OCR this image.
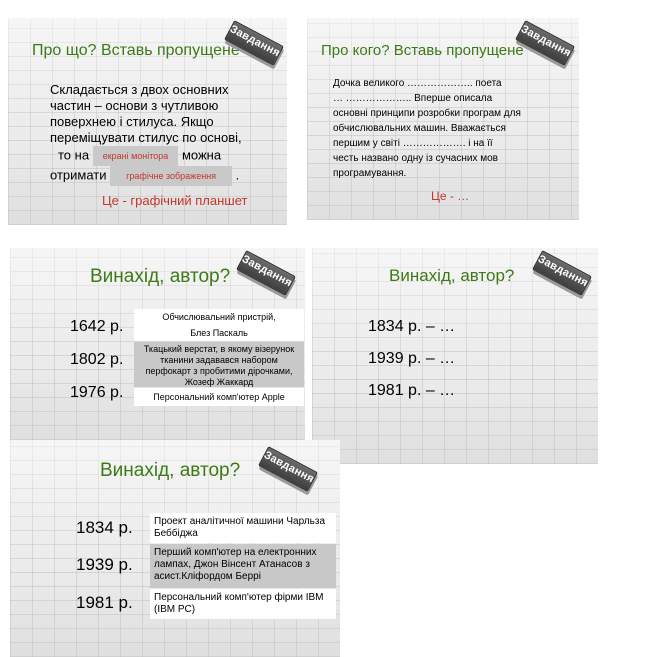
Про що? Вставь пропущене
Завдання
Складається з двох основних
частин – основи з чутливою
поверхнею і стилуса. Якщо
переміщувати стилус по основі,
то на екрані монітора можна
отримати графічне зображення .
Це - графічний планшет
Про кого? Вставь пропущене
Завдання
Дочка великого ……………….. поета
… ……………….. Вперше описала
основні принципи розробки програм для
обчислювальних машин. Вважається
першим у світі ………………. і на її
честь названо одну із сучасних мов
програмування.
Це - …
Винахід, автор? Завдання
1642 р.
1802 р.
1976 р.
Обчислювальний пристрій,
Блез Паскаль
Ткацький верстат, в якому візерунок тканини задавався набором перфокарт з пробитими дірочками, Жозеф Жаккард
Персональний комп'ютер Apple
Винахід, автор? Завдання
1834 р. – …
1939 р. – …
1981 р. – …
Винахід, автор? Завдання
1834 р.
1939 р.
1981 р.
Проект аналітичної машини Чарльза Беббіджа
Перший комп'ютер на електронних лампах, Джон Вінсент Атанасов з асист.Кліфордом Беррі
Персональний комп'ютер фірми IBM (IBM PC)
